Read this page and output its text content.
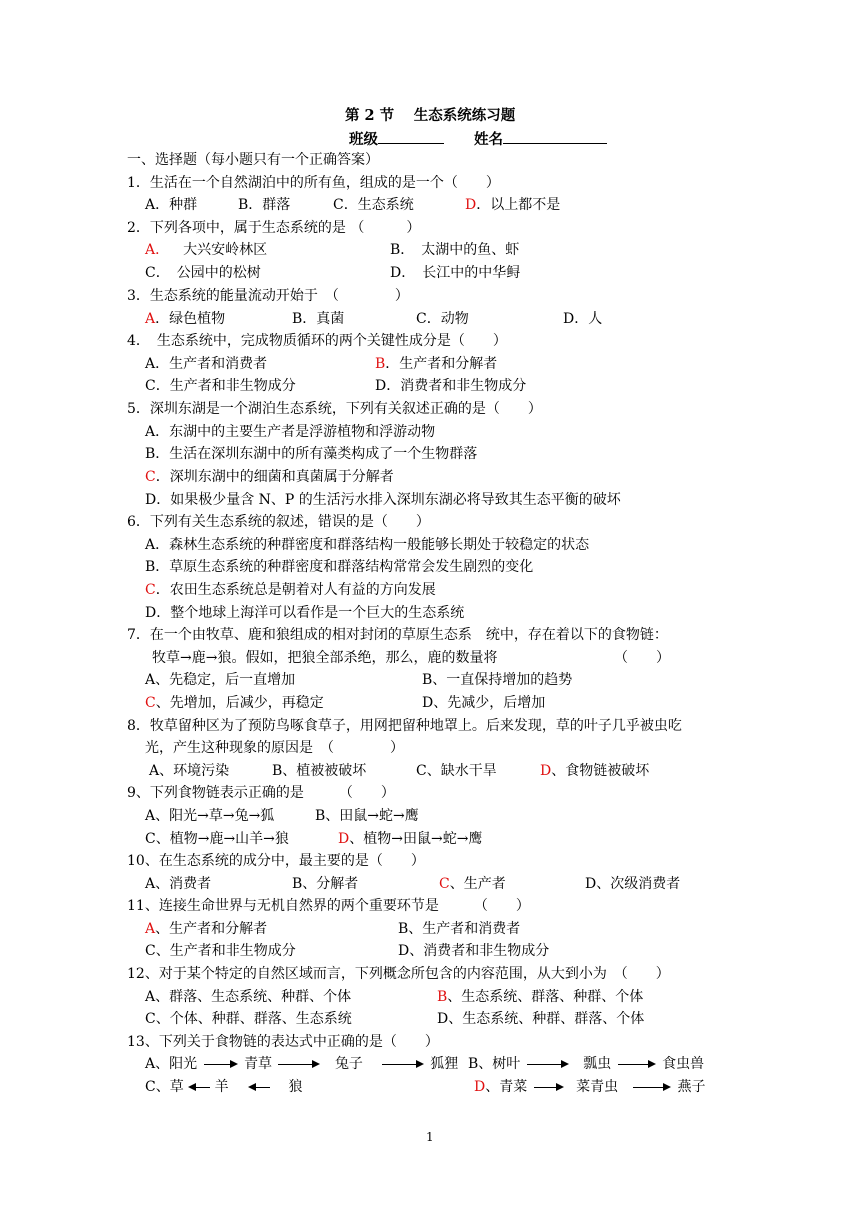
第 2 节　 生态系统练习题
班级	姓名
一、选择题（每小题只有一个正确答案）
1．生活在一个自然湖泊中的所有鱼，组成的是一个（　　）
A．种群	B．群落	C．生态系统	D．以上都不是
2．下列各项中，属于生态系统的是 （　　　）
A． 大兴安岭林区	B．　太湖中的鱼、虾
C．　公园中的松树	D．　长江中的中华鲟
3．生态系统的能量流动开始于　（　　　　）
A．绿色植物	B．真菌	C．动物	D．人
4．　生态系统中，完成物质循环的两个关键性成分是（　　）
A．生产者和消费者	B．生产者和分解者
C．生产者和非生物成分	D．消费者和非生物成分
5．深圳东湖是一个湖泊生态系统，下列有关叙述正确的是（　　）
A．东湖中的主要生产者是浮游植物和浮游动物
B．生活在深圳东湖中的所有藻类构成了一个生物群落
C．深圳东湖中的细菌和真菌属于分解者
D．如果极少量含 N、P 的生活污水排入深圳东湖必将导致其生态平衡的破坏
6．下列有关生态系统的叙述，错误的是（　　）
A．森林生态系统的种群密度和群落结构一般能够长期处于较稳定的状态
B．草原生态系统的种群密度和群落结构常常会发生剧烈的变化
C．农田生态系统总是朝着对人有益的方向发展
D．整个地球上海洋可以看作是一个巨大的生态系统
7．在一个由牧草、鹿和狼组成的相对封闭的草原生态系　统中，存在着以下的食物链：
牧草→鹿→狼。假如，把狼全部杀绝，那么，鹿的数量将	（　　）
A、先稳定，后一直增加	B、一直保持增加的趋势
C、先增加，后减少，再稳定	D、先减少，后增加
8．牧草留种区为了预防鸟啄食草子，用网把留种地罩上。后来发现，草的叶子几乎被虫吃
光，产生这种现象的原因是　（　　　　）
A、环境污染	B、植被被破坏	C、缺水干旱	D、食物链被破坏
9、下列食物链表示正确的是　　　（　　）
A、阳光→草→兔→狐	B、田鼠→蛇→鹰
C、植物→鹿→山羊→狼	D、植物→田鼠→蛇→鹰
10、在生态系统的成分中，最主要的是（　　）
A、消费者	B、分解者	C、生产者	D、次级消费者
11、连接生命世界与无机自然界的两个重要环节是　　　（　　）
A、生产者和分解者	B、生产者和消费者
C、生产者和非生物成分	D、消费者和非生物成分
12、对于某个特定的自然区域而言，下列概念所包含的内容范围，从大到小为　（　　）
A、群落、生态系统、种群、个体	B、生态系统、群落、种群、个体
C、个体、种群、群落、生态系统	D、生态系统、种群、群落、个体
13、下列关于食物链的表达式中正确的是（　　）
A、阳光	青草	兔子	狐狸 B、树叶	瓢虫	食虫兽
C、草 羊	狼	D、青菜	菜青虫	燕子
1
